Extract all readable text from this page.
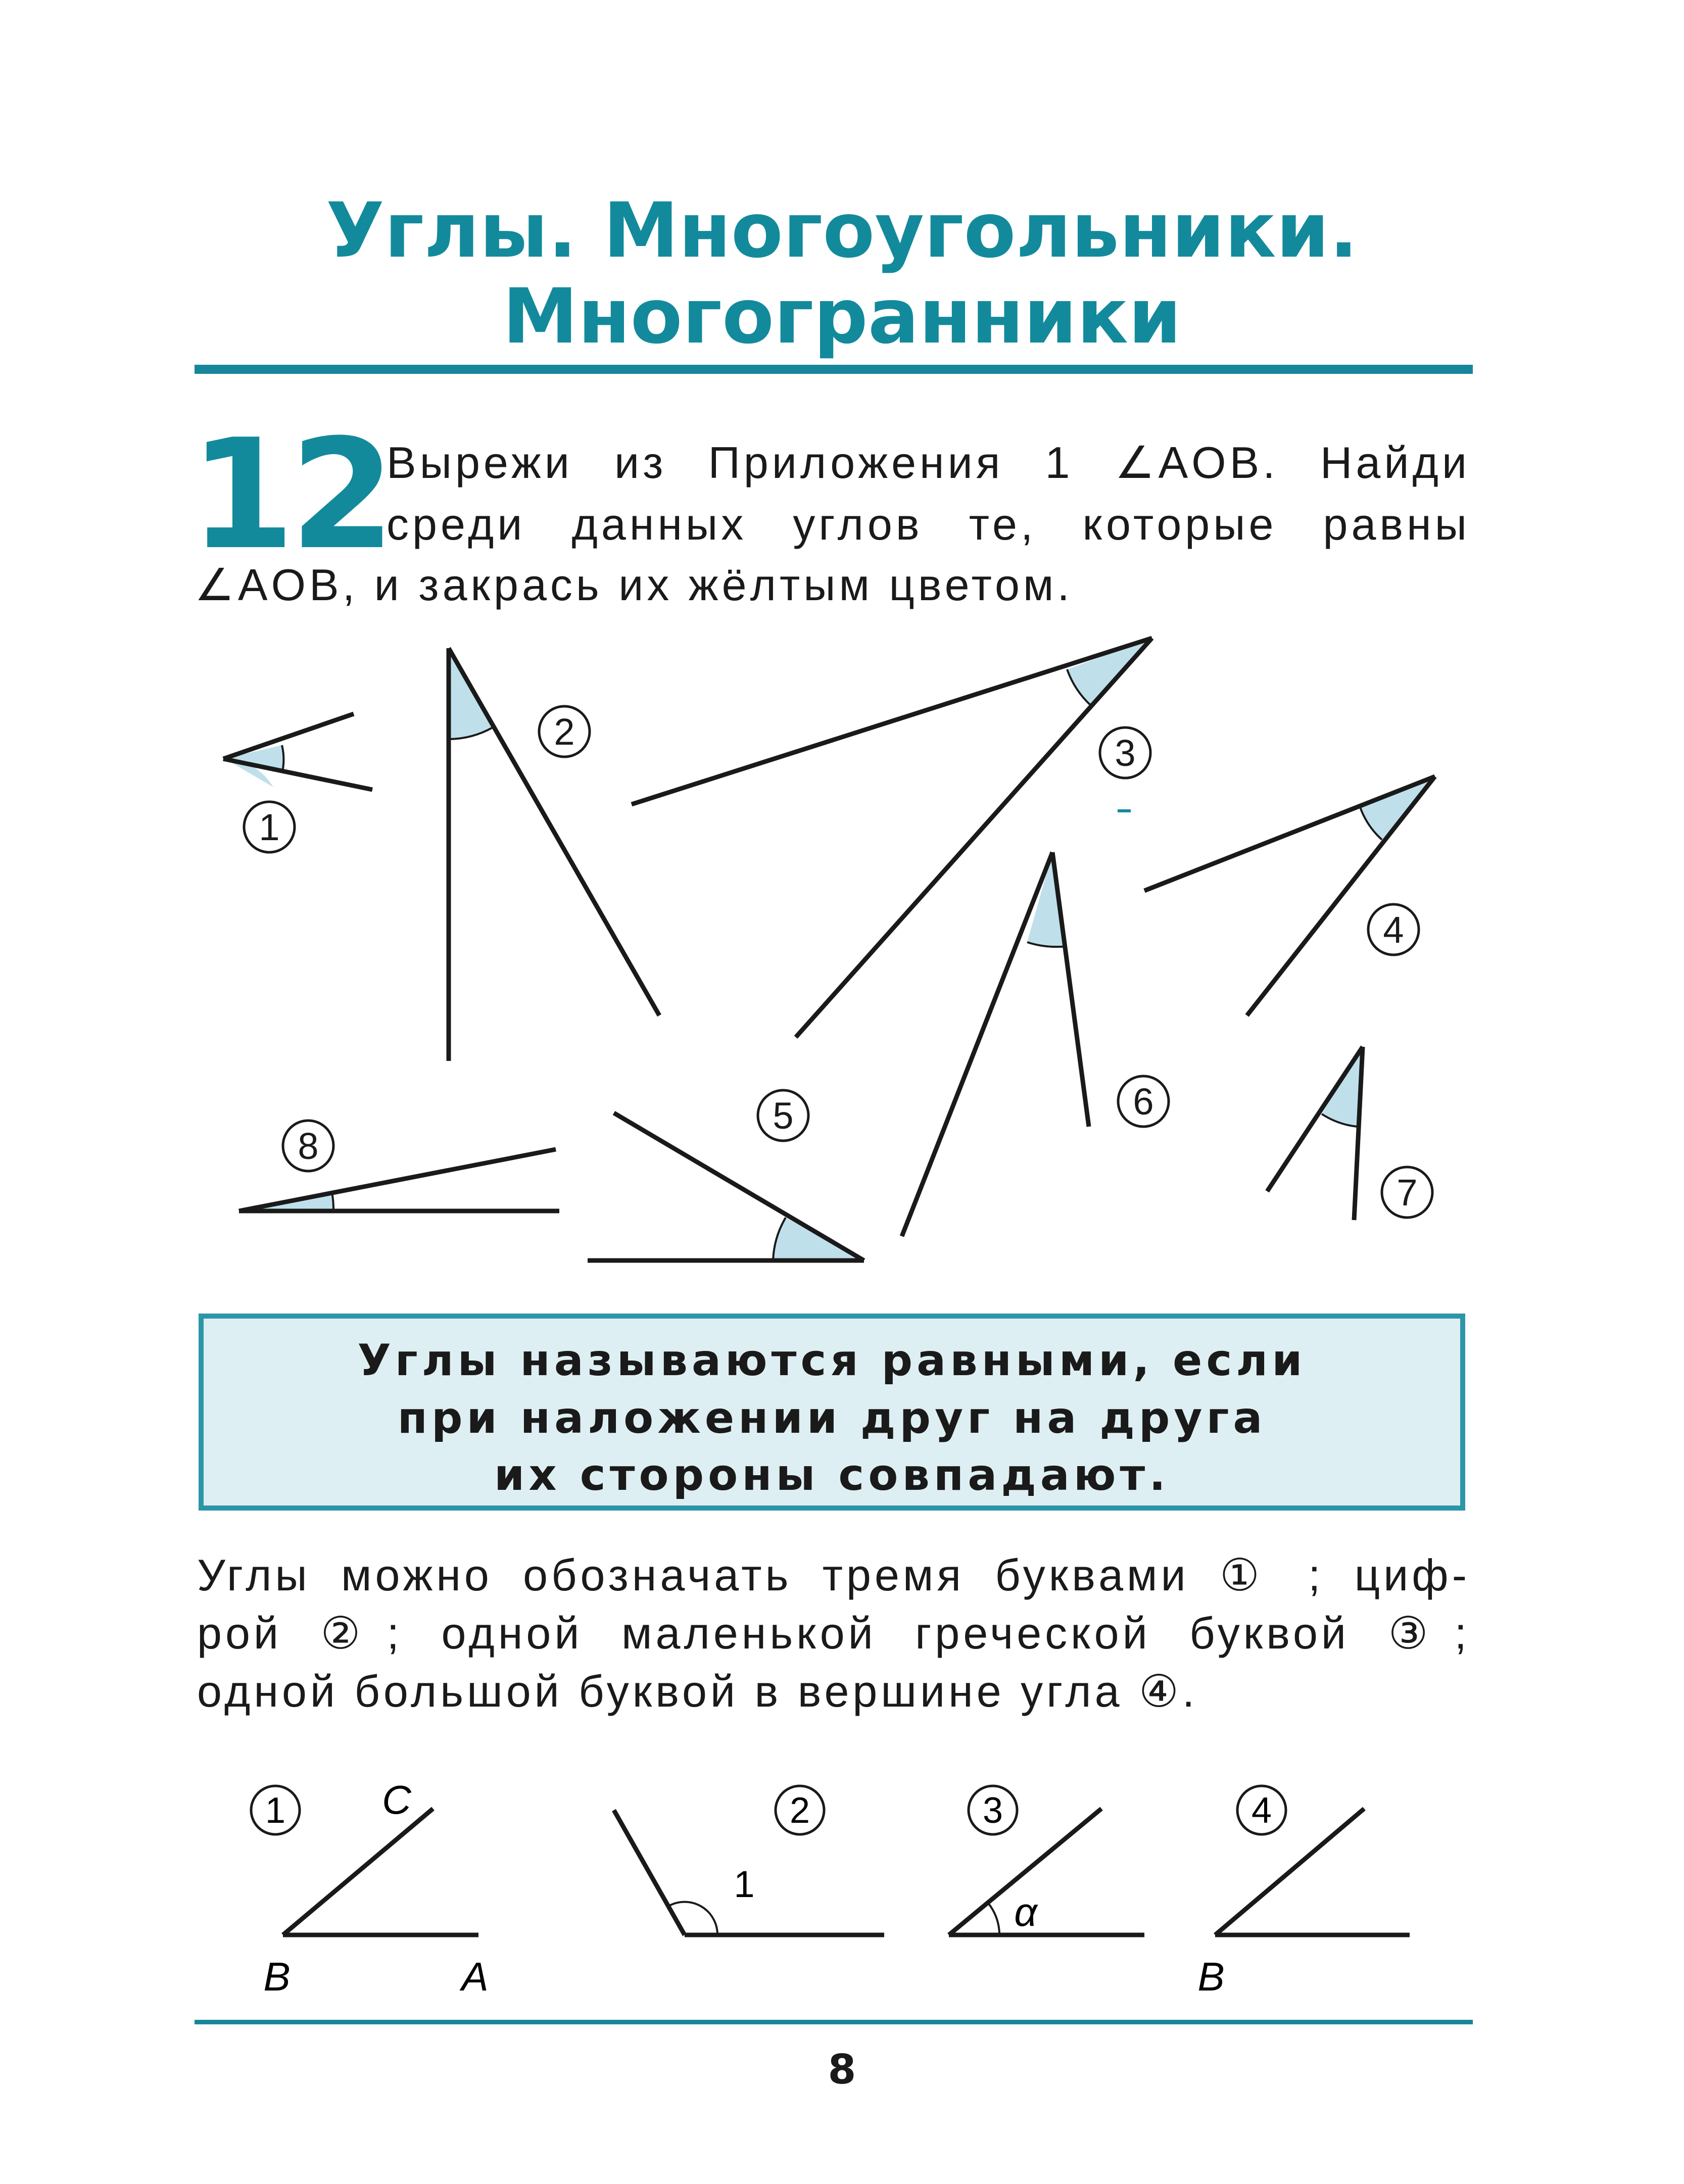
Углы. Многоугольники.
Многогранники
12
Вырежи из Приложения 1 ∠AOB. Найди
среди данных углов те, которые равны
∠AOB, и закрась их жёлтым цветом.
1
2
3
4
5	6
7
8
Углы называются равными, если
при наложении друг на друга
их стороны совпадают.
Углы можно обозначать тремя буквами ① ; циф-
рой ②; одной маленькой греческой буквой ③;
одной большой буквой в вершине угла ④.
1 C
B	A
2
1
3
α
4
B
8
